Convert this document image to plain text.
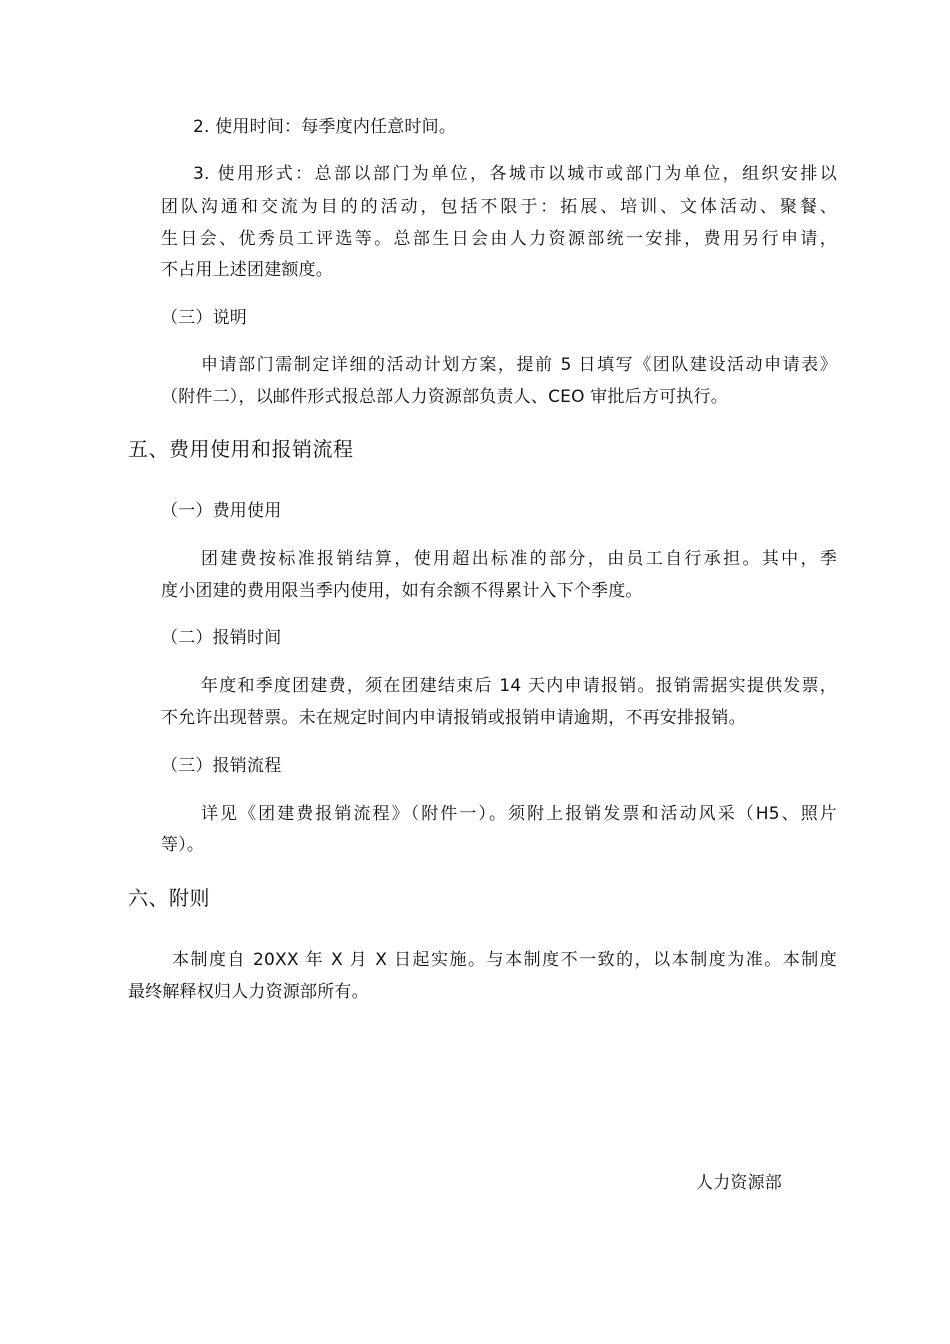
2. 使用时间：每季度内任意时间。
3. 使用形式：总部以部门为单位，各城市以城市或部门为单位，组织安排以
团队沟通和交流为目的的活动，包括不限于：拓展、培训、文体活动、聚餐、
生日会、优秀员工评选等。总部生日会由人力资源部统一安排，费用另行申请，
不占用上述团建额度。
（三）说明
申请部门需制定详细的活动计划方案，提前 5 日填写《团队建设活动申请表》
（附件二），以邮件形式报总部人力资源部负责人、CEO 审批后方可执行。
五、费用使用和报销流程
（一）费用使用
团建费按标准报销结算，使用超出标准的部分，由员工自行承担。其中，季
度小团建的费用限当季内使用，如有余额不得累计入下个季度。
（二）报销时间
年度和季度团建费，须在团建结束后 14 天内申请报销。报销需据实提供发票，
不允许出现替票。未在规定时间内申请报销或报销申请逾期，不再安排报销。
（三）报销流程
详见《团建费报销流程》（附件一）。须附上报销发票和活动风采（H5、照片
等）。
六、附则
本制度自 20XX 年 X 月 X 日起实施。与本制度不一致的，以本制度为准。本制度
最终解释权归人力资源部所有。
人力资源部
